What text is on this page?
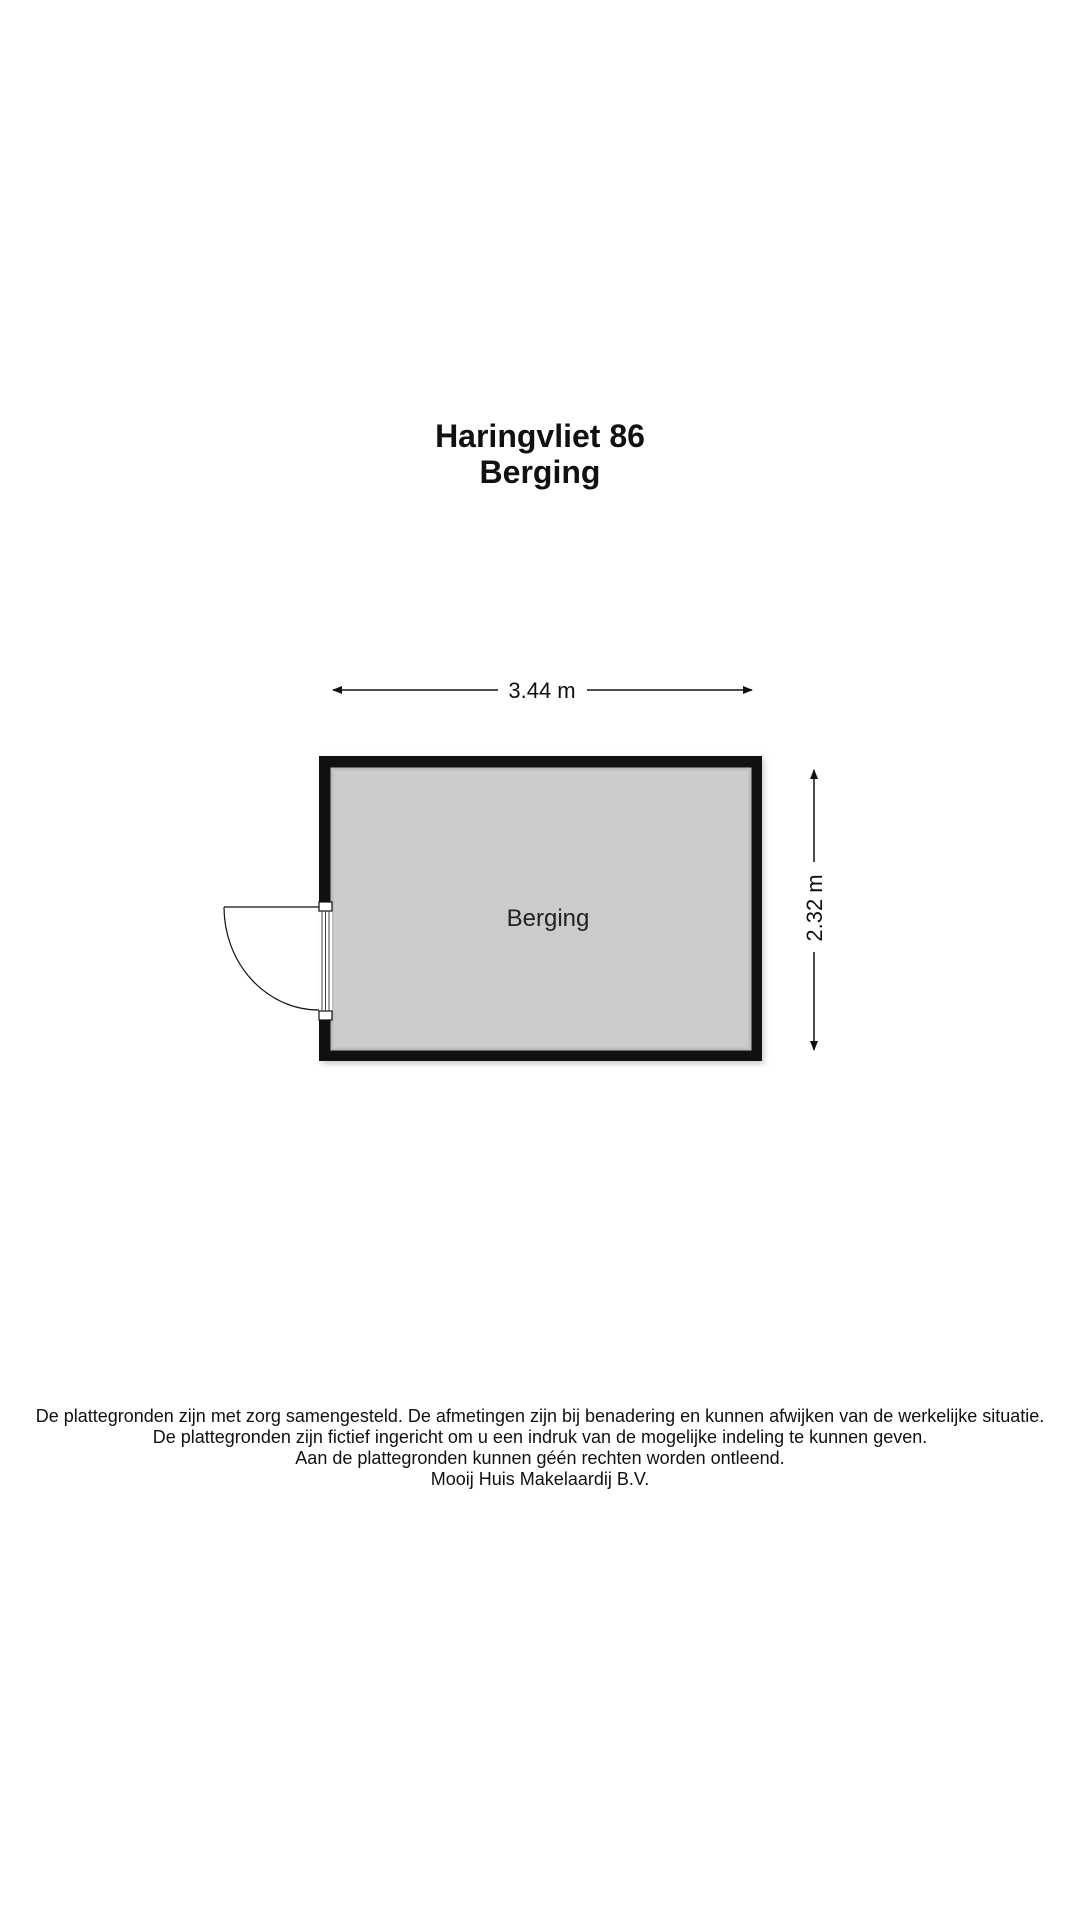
Haringvliet 86
Berging
3.44 m
2.32 m
Berging
De plattegronden zijn met zorg samengesteld. De afmetingen zijn bij benadering en kunnen afwijken van de werkelijke situatie.
De plattegronden zijn fictief ingericht om u een indruk van de mogelijke indeling te kunnen geven.
Aan de plattegronden kunnen géén rechten worden ontleend.
Mooij Huis Makelaardij B.V.
